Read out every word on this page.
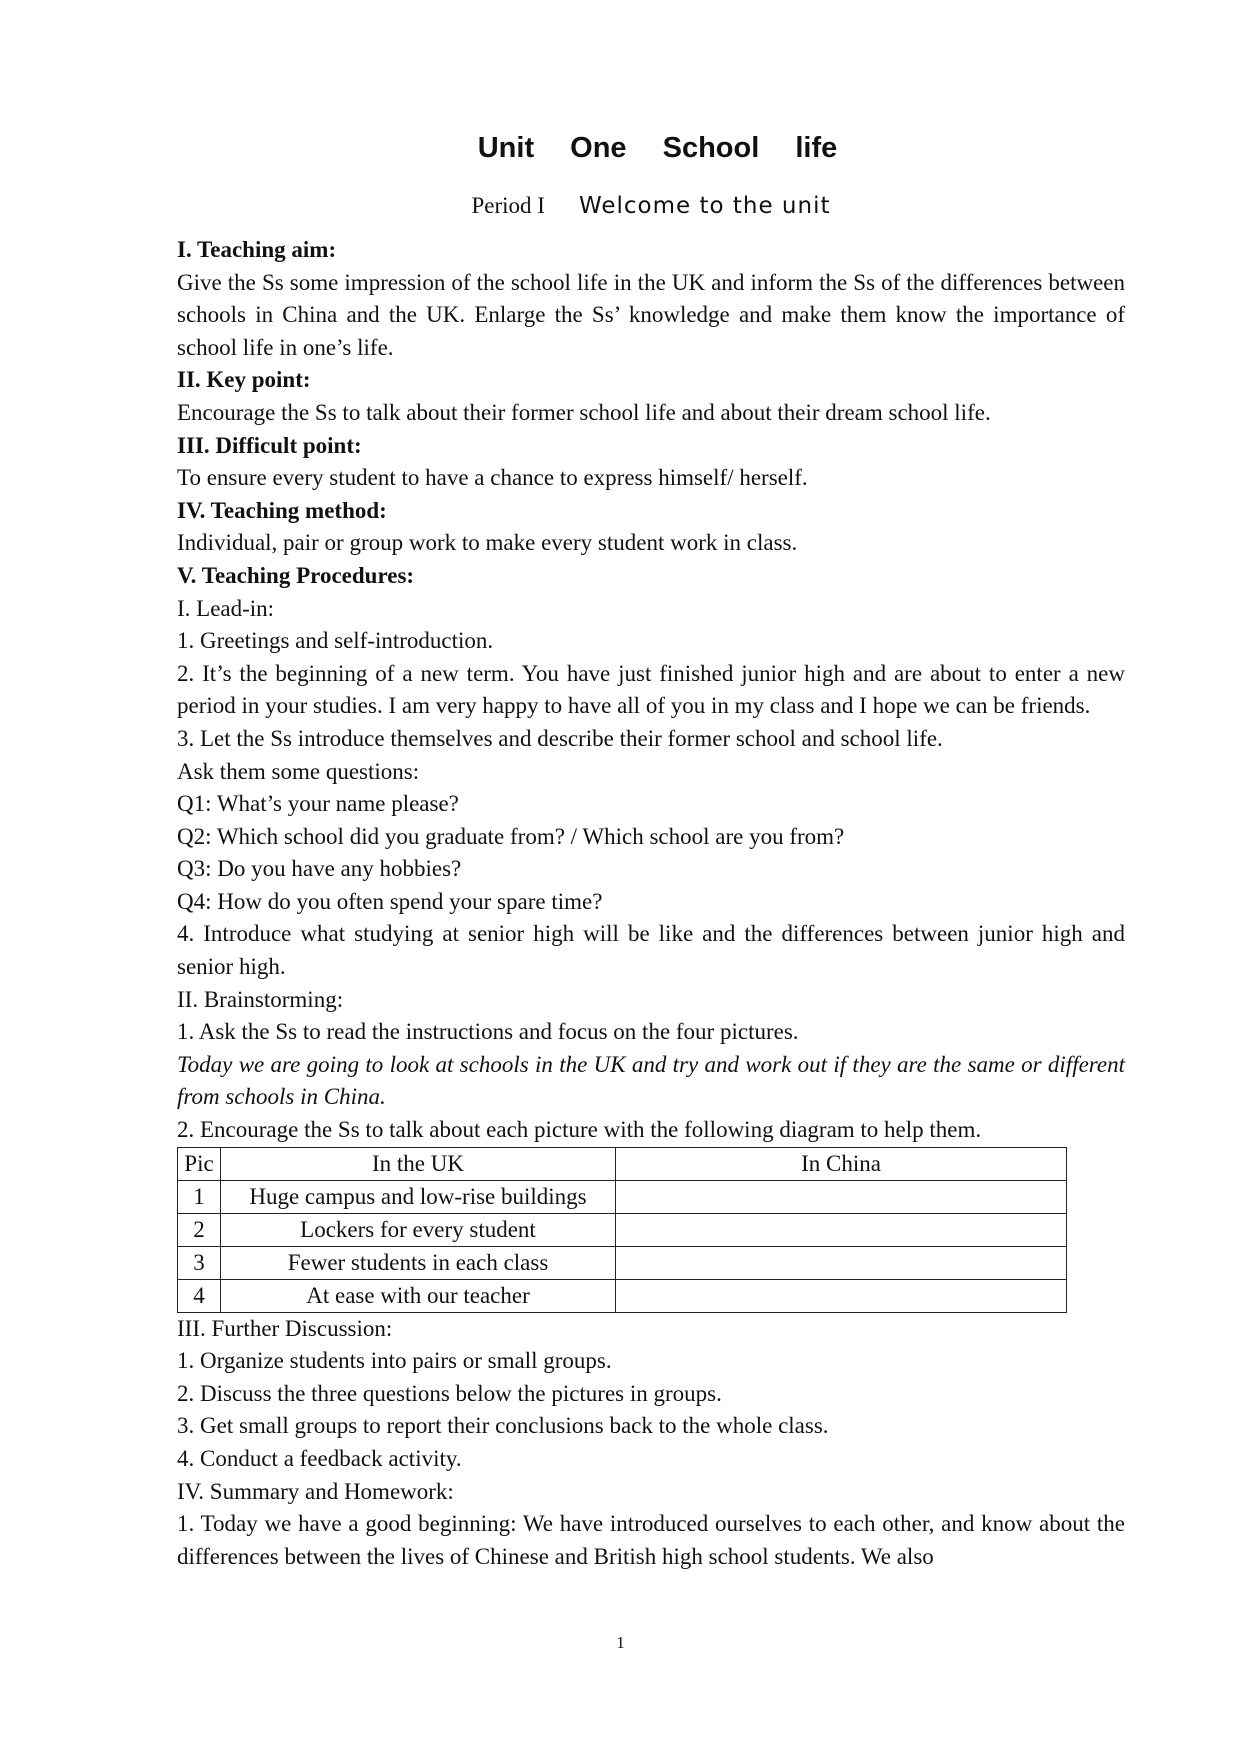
Unit One School life
Period I Welcome to the unit
I. Teaching aim:
Give the Ss some impression of the school life in the UK and inform the Ss of the differences between schools in China and the UK. Enlarge the Ss’ knowledge and make them know the importance of school life in one’s life.
II. Key point:
Encourage the Ss to talk about their former school life and about their dream school life.
III. Difficult point:
To ensure every student to have a chance to express himself/ herself.
IV. Teaching method:
Individual, pair or group work to make every student work in class.
V. Teaching Procedures:
I. Lead-in:
1. Greetings and self-introduction.
2. It’s the beginning of a new term. You have just finished junior high and are about to enter a new period in your studies. I am very happy to have all of you in my class and I hope we can be friends.
3. Let the Ss introduce themselves and describe their former school and school life.
Ask them some questions:
Q1: What’s your name please?
Q2: Which school did you graduate from? / Which school are you from?
Q3: Do you have any hobbies?
Q4: How do you often spend your spare time?
4. Introduce what studying at senior high will be like and the differences between junior high and senior high.
II. Brainstorming:
1. Ask the Ss to read the instructions and focus on the four pictures.
Today we are going to look at schools in the UK and try and work out if they are the same or different from schools in China.
2. Encourage the Ss to talk about each picture with the following diagram to help them.
Pic	In the UK	In China
1	Huge campus and low-rise buildings	
2	Lockers for every student	
3	Fewer students in each class	
4	At ease with our teacher	
III. Further Discussion:
1. Organize students into pairs or small groups.
2. Discuss the three questions below the pictures in groups.
3. Get small groups to report their conclusions back to the whole class.
4. Conduct a feedback activity.
IV. Summary and Homework:
1. Today we have a good beginning: We have introduced ourselves to each other, and know about the differences between the lives of Chinese and British high school students. We also
1
